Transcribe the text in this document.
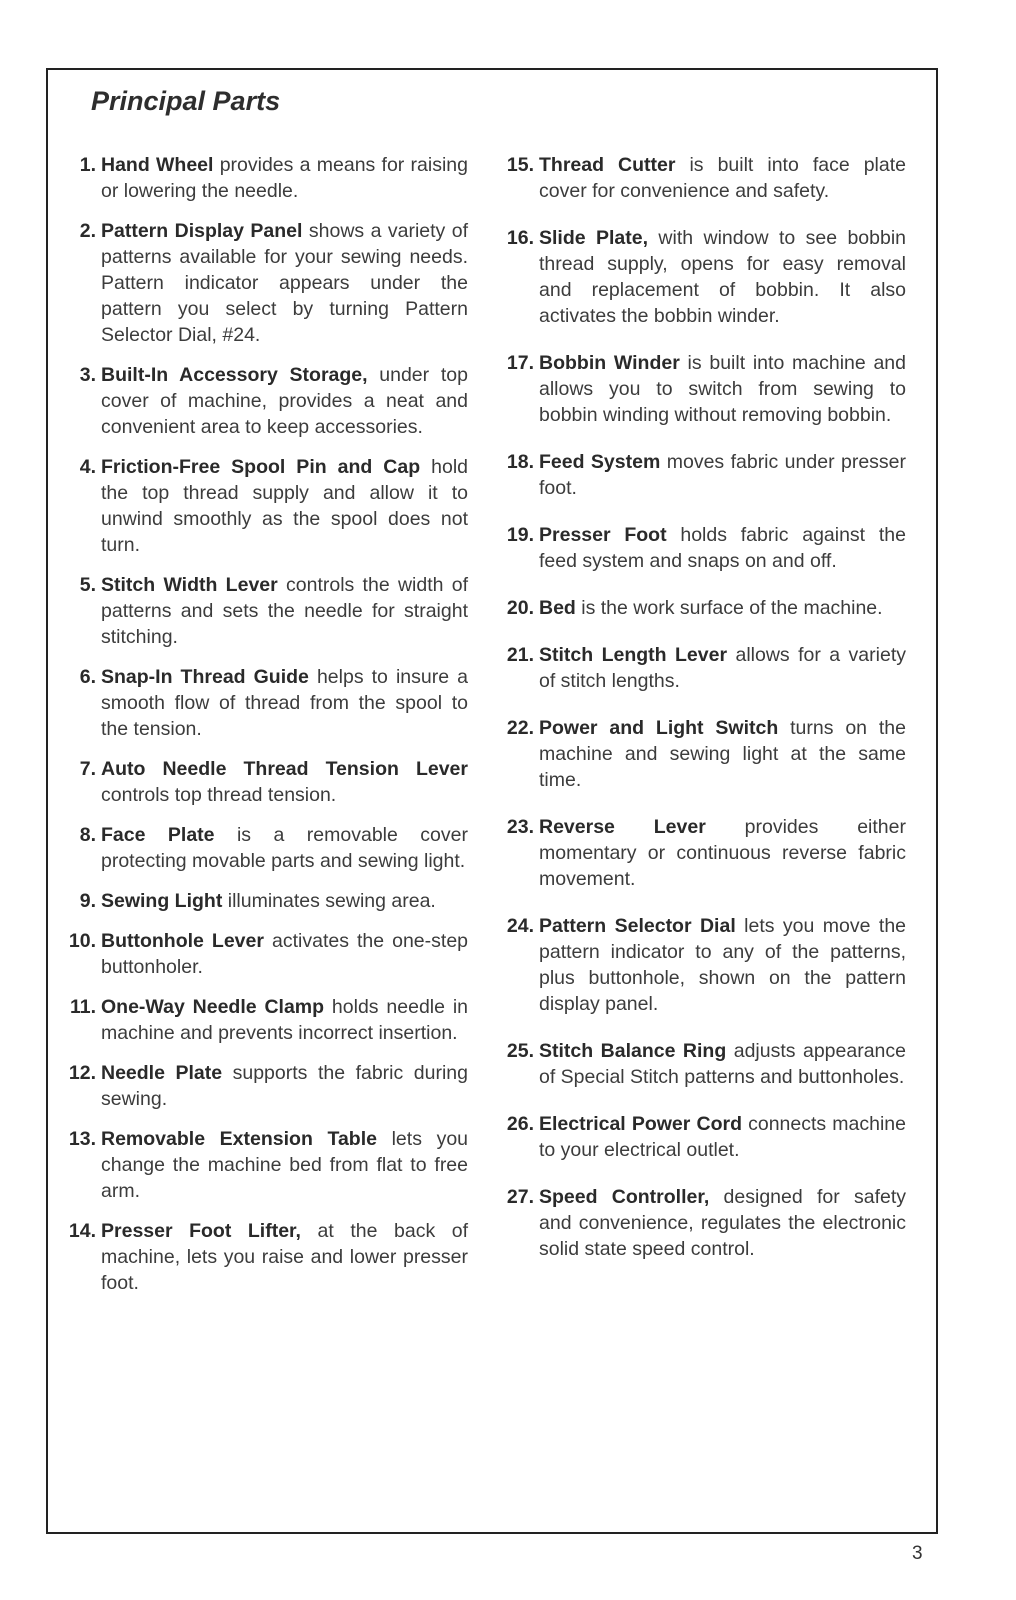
Principal Parts
1. Hand Wheel provides a means for raising or lowering the needle.
2. Pattern Display Panel shows a variety of patterns available for your sewing needs. Pattern indicator appears under the pattern you select by turning Pattern Selector Dial, #24.
3. Built-In Accessory Storage, under top cover of machine, provides a neat and convenient area to keep accessories.
4. Friction-Free Spool Pin and Cap hold the top thread supply and allow it to unwind smoothly as the spool does not turn.
5. Stitch Width Lever controls the width of patterns and sets the needle for straight stitching.
6. Snap-In Thread Guide helps to insure a smooth flow of thread from the spool to the tension.
7. Auto Needle Thread Tension Lever controls top thread tension.
8. Face Plate is a removable cover protecting movable parts and sewing light.
9. Sewing Light illuminates sewing area.
10. Buttonhole Lever activates the one-step buttonholer.
11. One-Way Needle Clamp holds needle in machine and prevents incorrect insertion.
12. Needle Plate supports the fabric during sewing.
13. Removable Extension Table lets you change the machine bed from flat to free arm.
14. Presser Foot Lifter, at the back of machine, lets you raise and lower presser foot.
15. Thread Cutter is built into face plate cover for convenience and safety.
16. Slide Plate, with window to see bobbin thread supply, opens for easy removal and replacement of bobbin. It also activates the bobbin winder.
17. Bobbin Winder is built into machine and allows you to switch from sewing to bobbin winding without removing bobbin.
18. Feed System moves fabric under presser foot.
19. Presser Foot holds fabric against the feed system and snaps on and off.
20. Bed is the work surface of the machine.
21. Stitch Length Lever allows for a variety of stitch lengths.
22. Power and Light Switch turns on the machine and sewing light at the same time.
23. Reverse Lever provides either momentary or continuous reverse fabric movement.
24. Pattern Selector Dial lets you move the pattern indicator to any of the patterns, plus buttonhole, shown on the pattern display panel.
25. Stitch Balance Ring adjusts appearance of Special Stitch patterns and buttonholes.
26. Electrical Power Cord connects machine to your electrical outlet.
27. Speed Controller, designed for safety and convenience, regulates the electronic solid state speed control.
3
